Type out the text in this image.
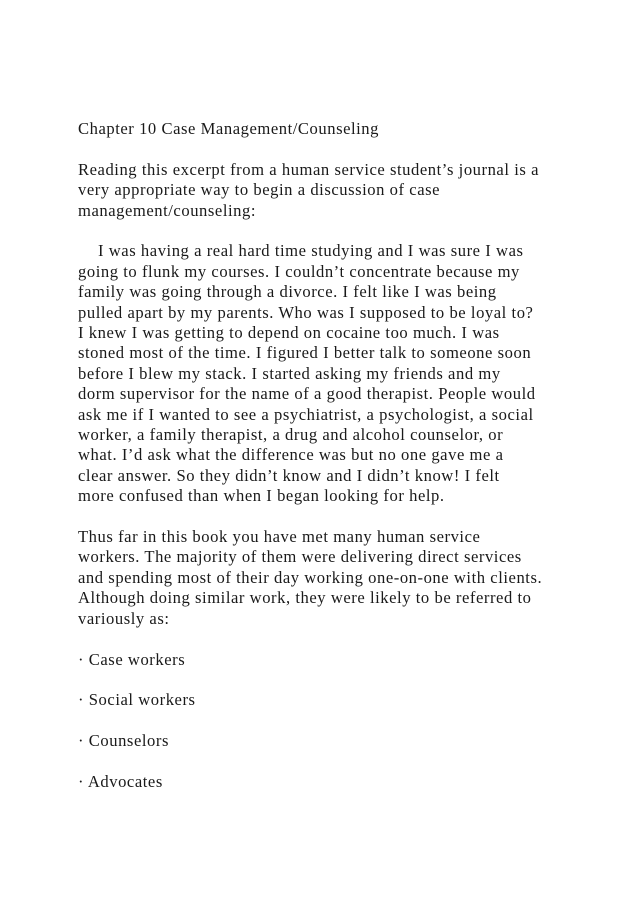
Chapter 10 Case Management/Counseling

Reading this excerpt from a human service student’s journal is a
very appropriate way to begin a discussion of case
management/counseling:

I was having a real hard time studying and I was sure I was
going to flunk my courses. I couldn’t concentrate because my
family was going through a divorce. I felt like I was being
pulled apart by my parents. Who was I supposed to be loyal to?
I knew I was getting to depend on cocaine too much. I was
stoned most of the time. I figured I better talk to someone soon
before I blew my stack. I started asking my friends and my
dorm supervisor for the name of a good therapist. People would
ask me if I wanted to see a psychiatrist, a psychologist, a social
worker, a family therapist, a drug and alcohol counselor, or
what. I’d ask what the difference was but no one gave me a
clear answer. So they didn’t know and I didn’t know! I felt
more confused than when I began looking for help.

Thus far in this book you have met many human service
workers. The majority of them were delivering direct services
and spending most of their day working one-on-one with clients.
Although doing similar work, they were likely to be referred to
variously as:

· Case workers

· Social workers

· Counselors

· Advocates
